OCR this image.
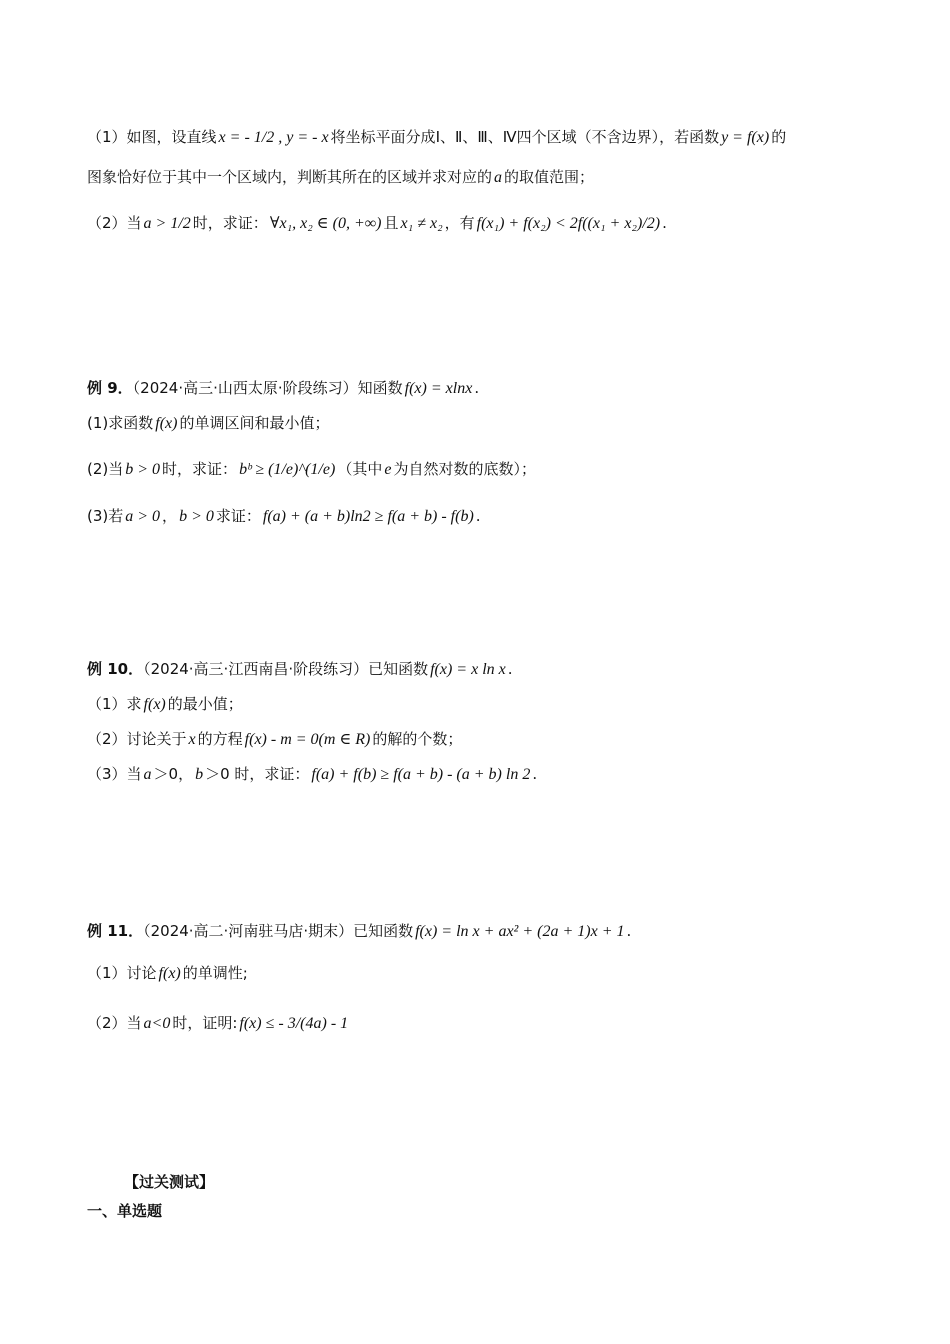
（1）如图，设直线 x = - 1/2 , y = - x 将坐标平面分成Ⅰ、Ⅱ、Ⅲ、Ⅳ四个区域（不含边界），若函数 y = f(x) 的
图象恰好位于其中一个区域内，判断其所在的区域并求对应的 a 的取值范围；
（2）当 a > 1/2 时，求证： ∀x₁, x₂ ∈ (0, +∞) 且 x₁ ≠ x₂ ，有 f(x₁) + f(x₂) < 2f((x₁ + x₂)/2) .
例 9．（2024·高三·山西太原·阶段练习）知函数 f(x) = xlnx .
(1)求函数 f(x) 的单调区间和最小值；
(2)当 b > 0 时，求证： bᵇ ≥ (1/e)^(1/e) （其中 e 为自然对数的底数）；
(3)若 a > 0 ， b > 0 求证： f(a) + (a + b)ln2 ≥ f(a + b) - f(b) .
例 10．（2024·高三·江西南昌·阶段练习）已知函数 f(x) = x ln x .
（1）求 f(x) 的最小值；
（2）讨论关于 x 的方程 f(x) - m = 0(m ∈ R) 的解的个数；
（3）当 a ＞0， b ＞0 时，求证： f(a) + f(b) ≥ f(a + b) - (a + b) ln 2 .
例 11．（2024·高二·河南驻马店·期末）已知函数 f(x) = ln x + ax² + (2a + 1)x + 1 .
（1）讨论 f(x) 的单调性;
（2）当 a<0 时，证明: f(x) ≤ - 3/(4a) - 1
【过关测试】
一、单选题
